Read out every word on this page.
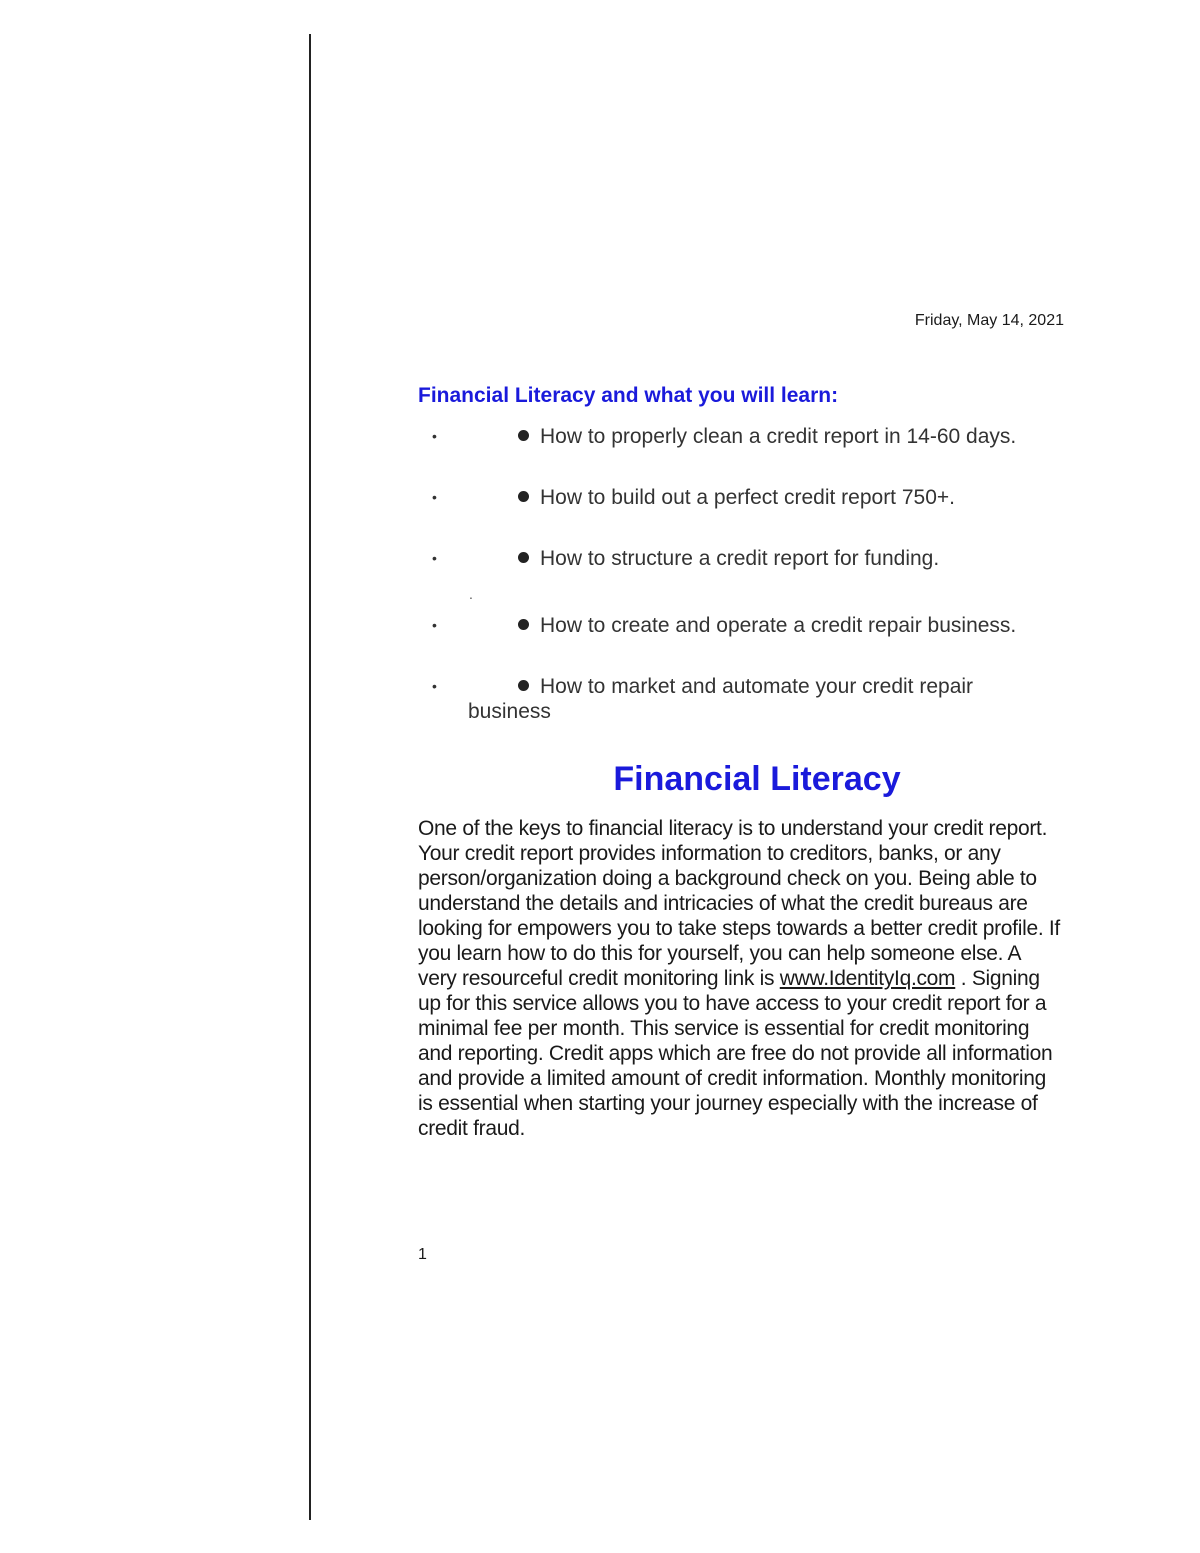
Friday, May 14, 2021
Financial Literacy and what you will learn:
•	How to properly clean a credit report in 14-60 days.
•	How to build out a perfect credit report 750+.
•	How to structure a credit report for funding.
•	How to create and operate a credit repair business.
•	How to market and automate your credit repair
business
.
Financial Literacy

One of the keys to financial literacy is to understand your credit report. Your credit report provides information to creditors, banks, or any person/organization doing a background check on you. Being able to understand the details and intricacies of what the credit bureaus are looking for empowers you to take steps towards a better credit profile. If you learn how to do this for yourself, you can help someone else. A very resourceful credit monitoring link is www.IdentityIq.com . Signing up for this service allows you to have access to your credit report for a minimal fee per month. This service is essential for credit monitoring and reporting. Credit apps which are free do not provide all information and provide a limited amount of credit information. Monthly monitoring is essential when starting your journey especially with the increase of credit fraud.

1
